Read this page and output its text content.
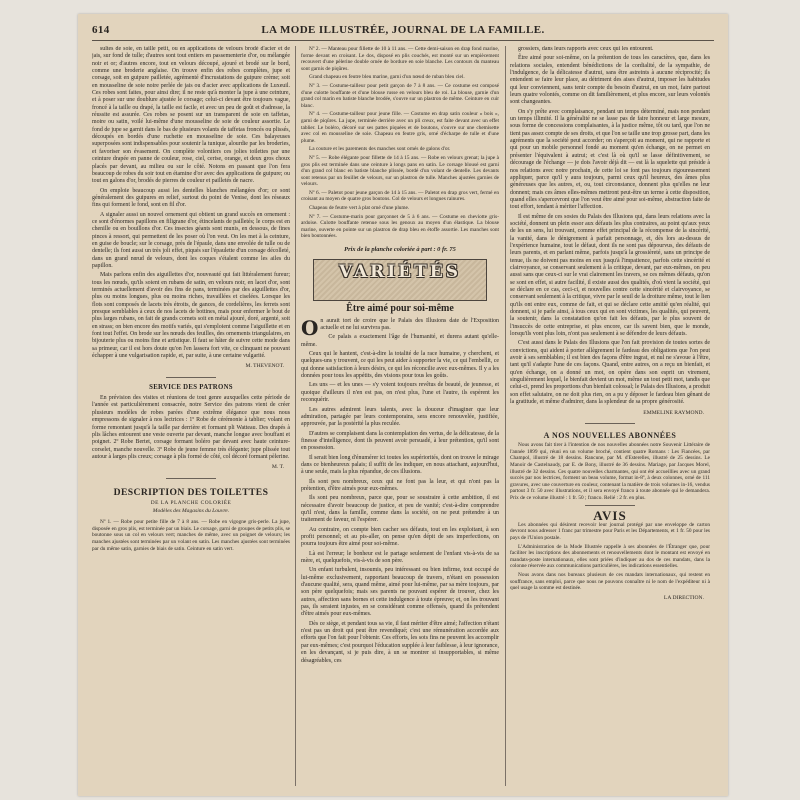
614	LA MODE ILLUSTRÉE, JOURNAL DE LA FAMILLE.

sultes de soie, en taille petit, ou en applications de velours brodé d'acier et de jais, sur fond de tulle; d'autres sont tout entiers en passementerie d'or, ou mélangée noir et or; d'autres encore, tout en velours découpé, ajouré et brodé sur le bord, comme une broderie anglaise. On trouve enfin des robes complètes, jupe et corsage, soit en guipure pailletée, agrémenté d'incrustations de guipure crème; soit en mousseline de soie noire perlée de jais ou d'acier avec applications de Luxeuil. Ces robes sont faites, pour ainsi dire; il ne reste qu'à monter la jupe à une ceinture, et à poser sur une doublure ajustée le corsage; celui-ci devant être toujours vague, froncé à la taille ou drapé, la taille est facile, et avec un peu de goût et d'adresse, la réussite est assurée. Ces robes se posent sur un transparent de soie en taffetas, moire ou satin, voilé lui-même d'une mousseline de soie de couleur assortie. Le fond de jupe se garnit dans le bas de plusieurs volants de taffetas froncés ou plissés, découpés en bordés d'une ruchette en mousseline de soie. Ces balayeuses superposées sont indispensables pour soutenir la tunique, alourdie par les broderies, et favoriser son évasement. On complète volontiers ces jolies toilettes par une ceinture drapée en panne de couleur, rose, ciel, cerise, orange, et deux gros choux placés par devant, au milieu ou sur le côté. Notons en passant que l'on fera beaucoup de robes du soir tout en étamine d'or avec des applications de guipure; ou tout en galons d'or, brodés de pierres de couleur et pailletés de nacre.

On emploie beaucoup aussi les dentelles blanches mélangées d'or; ce sont généralement des guipures en relief, surtout du point de Venise, dont les réseaux fins qui forment le fond, sont en fil d'or.

A signaler aussi un nouvel ornement qui obtient un grand succès en ornement : ce sont d'énormes papillons en filigrane d'or, étincelants de pailletés; le corps est en chenille ou en bouillons d'or. Ces insectes géants sont munis, en dessous, de fines pinces à ressort, qui permettent de les poser où l'on veut. On les met à la ceinture, en guise de boucle; sur le corsage, près de l'épaule, dans une envolée de tulle ou de dentelle; ils font aussi un très joli effet, piqués sur l'épaulette d'un corsage décolleté, dans un grand nœud de velours, dont les coques s'étalent comme les ailes du papillon.

Mais parlons enfin des aiguillettes d'or, nouveauté qui fait littéralement fureur; tous les nœuds, qu'ils soient en rubans de satin, en velours noir, en lacet d'or, sont terminés actuellement d'avoir des fins de pans, terminées par des aiguillettes d'or, plus ou moins longues, plus ou moins riches, travaillées et ciselées. Lorsque les flots sont composés de lacets très étroits, de gances, de cordelières, les ferrets sont presque semblables à ceux de nos lacets de bottines, mais pour enfermer le bout de plus larges rubans, on fait de grands cornets soit en métal ajouré, doré, argenté, soit en strass; on bien encore des motifs variés, qui s'emploient comme l'aiguillette et en font tout l'effet. On brode sur les nœuds des feuilles, des ornements triangulaires, en bijouterie plus ou moins fine et artistique. Il faut se hâter de suivre cette mode dans sa primeur, car il est hors doute qu'on l'en lassera fort vite, ce clinquant ne pouvant échapper à une vulgarisation rapide, et, par suite, à une certaine vulgarité.

M. THEVENOT.

SERVICE DES PATRONS

En prévision des visites et réunions de tout genre auxquelles cette période de l'année est particulièrement consacrée, notre Service des patrons vient de créer plusieurs modèles de robes parées d'une extrême élégance que nous nous empressons de signaler à nos lectrices : 1º Robe de cérémonie à tablier; volant en forme remontant jusqu'à la taille par derrière et formant pli Watteau. Des drapés à plis lâches entourent une veste ouverte par devant, manche longue avec bouffant et poignet. 2º Robe Bertet, corsage formant boléro par devant avec haute ceinture-corselet, manche nouvelle. 3º Robe de jeune femme très élégante; jupe plissée tout autour à larges plis creux; corsage à plis formé de côté, col décoré formant pèlerine.

M. T.

DESCRIPTION DES TOILETTES
DE LA PLANCHE COLORIÉE
Modèles des Magasins du Louvre.

Nº 1. — Robe pour petite fille de 7 à 8 ans. — Robe en vigogne gris-perle. La jupe, disposée en gros plis, est terminée par un biais. Le corsage, garni de groupes de petits plis, se boutonne sous un col en velours vert; manches de même, avec un poignet de velours; les manches ajustées sont terminées par un volant en satin. Les manches ajustées sont terminées par du même satin, garnies de biais de satin. Ceinture en satin vert.

Nº 2. — Manteau pour fillette de 10 à 11 ans. — Cette demi-saison en drap fond marine, forme devant en croisant. Le dos, disposé en plis couchés, est monté sur un empiècement recouvert d'une pèlerine double ornée de bordure en soie blanche. Les contours du manteau sont garnis de piqûres.

Grand chapeau en feutre bleu marine, garni d'un nœud de ruban bleu ciel.

Nº 3. — Costume-tailleur pour petit garçon de 7 à 8 ans. — Ce costume est composé d'une culotte bouffante et d'une blouse russe en velours bleu de roi. La blouse, garnie d'un grand col marin en batiste blanche brodée, s'ouvre sur un plastron de même. Ceinture en cuir blanc.

Nº 4. — Costume-tailleur pour jeune fille. — Costume en drap satin couleur « bois », garni de piqûres. La jupe, terminée derrière avec un pli creux, est faite devant avec un effet tablier. Le boléro, décoré sur ses pattes piquées et de boutons, s'ouvre sur une chemisette avec col en mousseline de soie. Chapeau en feutre gris, orné d'écharpe de tulle et d'une plume.

La couture et les parements des manches sont ornés de galons d'or.

Nº 5. — Robe élégante pour fillette de 14 à 15 ans. — Robe en velours grenat; la jupe à gros plis est terminée dans une ceinture à longs pans en satin. Le corsage blousé est garni d'un grand col blanc en batiste blanche plissée, bordé d'un volant de dentelle. Les devants sont retenus par un feuillet de velours, sur un plastron de tulle. Manches ajustées garnies de velours.

Nº 6. — Paletot pour jeune garçon de 14 à 15 ans. — Paletot en drap gros vert, fermé en croisant au moyen de quatre gros boutons. Col de velours et longues rainures.

Chapeau de feutre vert à plat orné d'une plume.

Nº 7. — Costume-marin pour garçonnet de 5 à 6 ans. — Costume en cheviotte gris-ardoise. Culotte bouffante retenue sous les genoux au moyen d'un élastique. La blouse marine, ouverte en pointe sur un plastron de drap bleu en étoffe assortie. Les manches sont bien boutonnées.

Prix de la planche coloriée à part : 0 fr. 75
VARIÉTÉS
Être aimé pour soi-même

On aurait tort de croire que le Palais des Illusions date de l'Exposition actuelle et ne lui survivra pas.

Ce palais a exactement l'âge de l'humanité, et durera autant qu'elle-même.

Ceux qui le hantent, c'est-à-dire la totalité de la race humaine, y cherchent, et quelques-uns y trouvent, ce qui les peut aider à supporter la vie, ce qui l'embellit, ce qui donne satisfaction à leurs désirs, ce qui les réconcilie avec eux-mêmes. Il y a les données pour tous les appétits, des visions pour tous les goûts.

Les uns — et les unes — s'y voient toujours revêtus de beauté, de jeunesse, et quoique d'ailleurs il n'en est pas, on n'est plus, l'une et l'autre, ils espèrent les reconquérir.

Les autres admirent leurs talents, avec la douceur d'imaginer que leur admiration, partagée par leurs contemporains, sera encore renouvelée, justifiée, approuvée, par la postérité la plus reculée.

D'autres se complaisent dans la contemplation des vertus, de la délicatesse, de la finesse d'intelligence, dont ils peuvent avoir persuadé, à leur prétention, qu'il sont en possession.

Il serait bien long d'énumérer ici toutes les supériorités, dont on trouve le mirage dans ce bienheureux palais; il suffit de les indiquer, en nous attachant, aujourd'hui, à une seule, mais la plus répandue, de ces illusions.

Ils sont peu nombreux, ceux qui ne font pas la leur, et qui n'ont pas la prétention, d'être aimés pour eux-mêmes.

Ils sont peu nombreux, parce que, pour se soustraire à cette ambition, il est nécessaire d'avoir beaucoup de justice, et peu de vanité; c'est-à-dire comprendre qu'il n'est, dans la famille, comme dans la société, on ne peut prétendre à un traitement de faveur, ni l'espérer.

Au contraire, on compte bien cacher ses défauts, tout en les exploitant, à son profit personnel; et au pis-aller, on pense qu'en dépit de ses imperfections, on pourra toujours être aimé pour soi-même.

Là est l'erreur; le bonheur est le partage seulement de l'enfant vis-à-vis de sa mère, et, quelquefois, vis-à-vis de son père.

Un enfant turbulent, insoumis, peu intéressant ou bien infirme, tout occupé de lui-même exclusivement, rapportant beaucoup de travers, n'étant en possession d'aucune qualité, sera, quand même, aimé pour lui-même, par sa mère toujours, par son père quelquefois; mais ses parents ne pouvant espérer de trouver, chez les autres, affection sans bornes et cette indulgence à toute épreuve; et, on les trouvant pas, ils seraient injustes, en se considérant comme offensés, quand ils prétendent d'être aimés pour eux-mêmes.

Dès ce siège, et pendant tous sa vie, il faut mériter d'être aimé; l'affection n'étant n'est pas un droit qui peut être revendiqué; c'est une rémunération accordée aux efforts que l'on fait pour l'obtenir. Ces efforts, les sots fins ne peuvent les accomplir par eux-mêmes; c'est pourquoi l'éducation supplée à leur faiblesse, à leur ignorance, en les devançant, si je puis dire, à un se montrer si insupportables, si même désagréables, ces

grossiers, dans leurs rapports avec ceux qui les entourent.

Être aimé pour soi-même, on la prétention de tous les caractères, que, dans les relations sociales, entendent bénédictions de la cordialité, de la sympathie, de l'indulgence, de la délicatesse d'autrui, sans être astreints à aucune réciprocité; ils entendent se faire leur place, au détriment des aises d'autrui, imposer les habitudes qui leur conviennent, sans tenir compte du besoin d'autrui, en un mot, faire partout leurs quatre volontés, comme on dit familièrement, et plus encore, sur leurs volontés sont changeantes.

On s'y prête avec complaisance, pendant un temps déterminé, mais non pendant un temps illimité. Il la généralité ne se lasse pas de faire honneur et large mesure, sous forme de concessions complaisantes, à la justice même, tôt ou tard, que l'on ne tient pas assez compte de ses droits, et que l'on se taille une trop grosse part, dans les agréments que la société peut accorder; on s'aperçoit au moment, qui ne rapporte et qui pour un mobile personnel fondé au moment qu'en échange, on ne permet en présenter l'équivalent à autrui; et c'est là où qu'il se lasse définitivement, se décourage de l'échange — je dois l'avoir déjà dit — est là la squelette qui préside à nos relations avec notre prochain, de cette loi se font pas toujours rigoureusement appliquer, parce qu'il y aura toujours, parmi ceux qu'il heureux, des âmes plus généreuses que les autres, et, ou, tout circonstance, donnent plus qu'elles ne leur donnent; mais ces âmes elles-mêmes mettront peut-être un terme à cette disposition, quand elles s'apercevront que l'on veut être aimé pour soi-même, abstraction faite de tout effort, tendant à mériter l'affection.

Il est même de ces sosies du Palais des Illusions qui, dans leurs relations avec la société, donnent un plein essor aux défauts les plus contraires, au point qu'aux yeux de les un sens, lui trouvant, comme effet principal de la récompense de la sincérité, la vanité, dans le dénigrement à parfait personnage, et, dès lors au-dessus de l'expérience humaine, tout le défaut, dont ils ne sont pas dépourvus, des défauts de leurs parents, et en parlant même, parfois jusqu'à la grossièreté, sans un principe de tenue, ils ne doivent pas moins en eux jusqu'à l'impatience, parfois cette sincérité et clairvoyance, se conservant seulement à la critique, devant, par eux-mêmes, on peu aussi sans que ceux-ci sur le vrai clairement les travers, se ces mêmes défauts, qu'on se sont en effet, si autre facilité, il existe aussi des qualités, d'où vient la société, qui se déclare en ce cas, ceci-ci, et nouvelles contre cette sincérité et clairvoyance, se conservant seulement à la critique, vivre par le seuil de la droiture même, tout le lien qu'ils ont entre eux, comme de fait, et qui se déclare cette amitié qu'en réalité, qui donnent, si je parle ainsi, à tous ceux qui en sont victimes, les qualités, qui peuvent, la soutenir, dans la constatation qu'on fait les défauts, par le plus souvent de l'insuccès de cette entreprise, et plus encore, car ils savent bien, que le monde, lorsqu'ils vont plus loin, n'ont pas seulement à se défendre de leurs défauts.

C'est aussi dans le Palais des Illusions que l'on fait provision de toutes sortes de convictions, qui aident à porter allègrement le fardeau des obligations que l'on peut avoir à ses semblables; il est bien des façons d'être ingrat, et nul ne s'avoue à l'être, tant qu'il s'adapte l'une de ces façons. Quand, entre autres, on a reçu un bienfait, et qu'en échange, on a donné un mot, on opère dans son esprit un virement, singulièrement lequel, le bienfait devient un mot, même un tout petit mot, tandis que celui-ci, prend les proportions d'un bienfait colossal; le Palais des Illusions, a produit son effet salutaire, on ne doit plus rien, on a pu y déposer le fardeau bien gênant de la gratitude, et même d'admirer, dans la splendeur de sa propre générosité.

EMMELINE RAYMOND.

A NOS NOUVELLES ABONNÉES

Nous avons fait tirer à l'intention de nos nouvelles abonnées notre Souvenir Littéraire de l'année 1899 qui, réuni en un volume broché, contient quatre Romans : Les Fiancées, par Champol, illustré de 18 dessins. Rancune, par M. d'Esterelles, illustré de 25 dessins. Le Manoir de Castelnaudy, par E. de Bony, illustré de 36 dessins. Mariage, par Jacques Morel, illustré de 32 dessins. Ces quatre nouvelles charmantes, qui ont été accueillies avec un grand succès par nos lectrices, forment un beau volume, format in-8º, à deux colonnes, orné de 111 gravures, avec une couverture en couleur, contenant la matière de trois volumes in-16, vendus partout 3 fr. 50 avec illustrations, et il sera envoyé franco à toute abonnée qui le demandera. Prix de ce volume illustré : 1 fr. 50 ; franco. Relié : 2 fr. en plus.

AVIS

Les abonnées qui désirent recevoir leur journal protégé par une enveloppe de carton devront nous adresser 1 franc par trimestre pour Paris et les Départements, et 1 fr. 50 pour les pays de l'Union postale.

L'Administration de la Mode Illustrée rappelle à ses abonnées de l'Étranger que, pour faciliter les inscriptions des abonnements et renouvellements dont le montant est envoyé en mandats-poste internationaux, elles sont priées d'indiquer au dos de ces mandats, dans la colonne réservée aux communications particulières, les indications essentielles.

Nous avons dans nos bureaux plusieurs de ces mandats internationaux, qui restent en souffrance, sans emploi, parce que nous ne pouvons connaître ni le nom de l'expéditeur ni à quel usage la somme est destinée.

LA DIRECTION.
